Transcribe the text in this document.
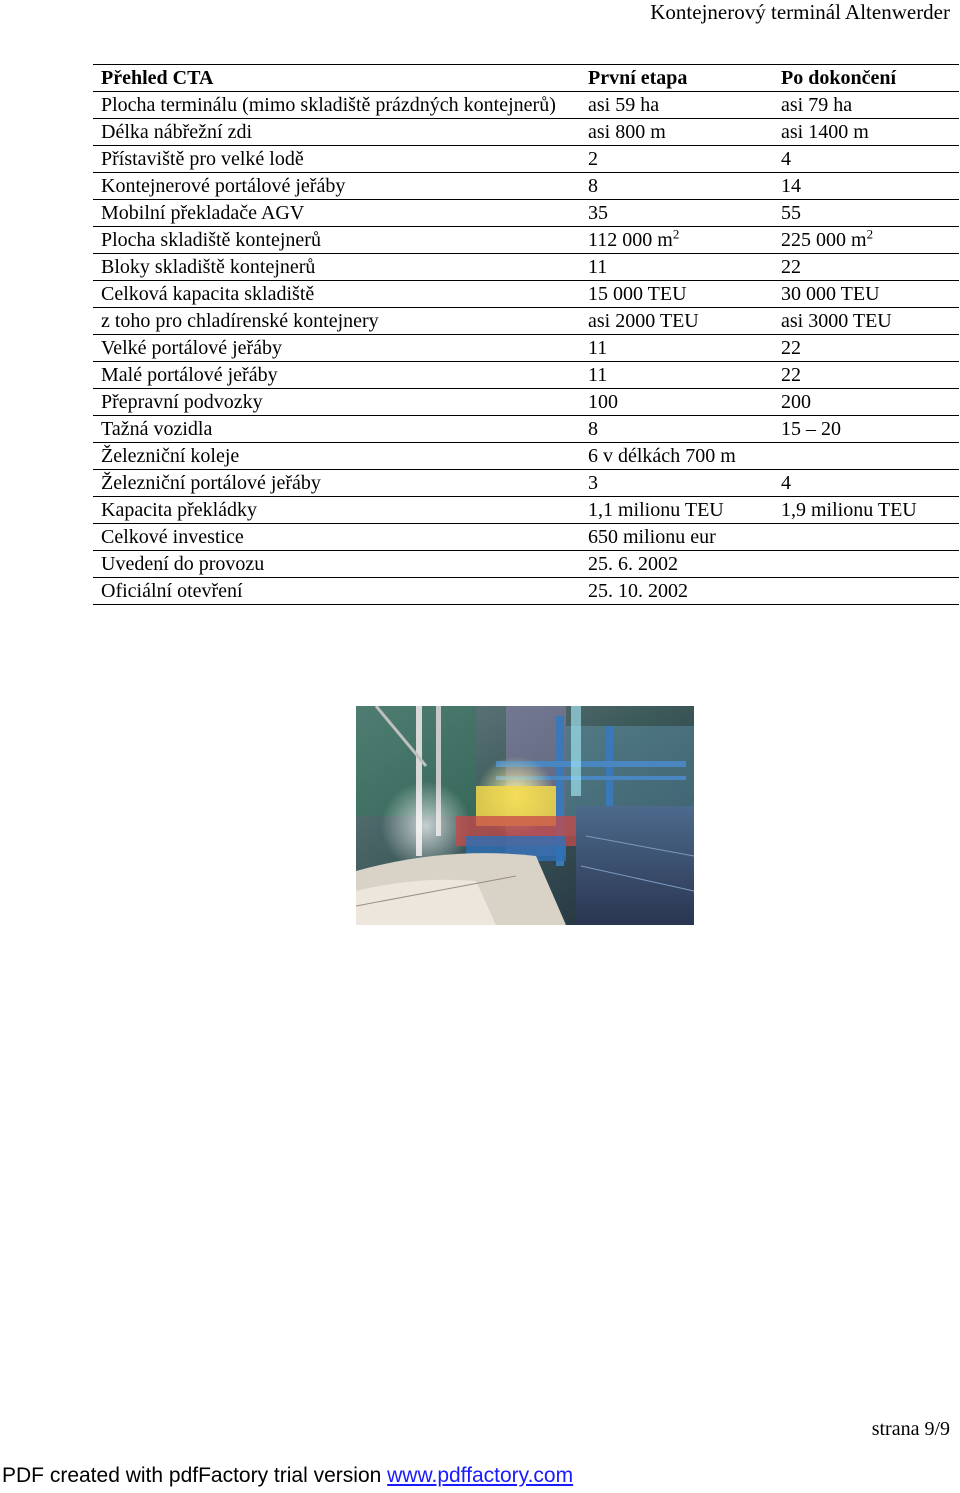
Kontejnerový terminál Altenwerder
Přehled CTA	První etapa	Po dokončení
Plocha terminálu (mimo skladiště prázdných kontejnerů)	asi 59 ha	asi 79 ha
Délka nábřežní zdi	asi 800 m	asi 1400 m
Přístaviště pro velké lodě	2	4
Kontejnerové portálové jeřáby	8	14
Mobilní překladače AGV	35	55
Plocha skladiště kontejnerů	112 000 $m^2$	225 000 $m^2$
Bloky skladiště kontejnerů	11	22
Celková kapacita skladiště	15 000 TEU	30 000 TEU
z toho pro chladírenské kontejnery	asi 2000 TEU	asi 3000 TEU
Velké portálové jeřáby	11	22
Malé portálové jeřáby	11	22
Přepravní podvozky	100	200
Tažná vozidla	8	15 – 20
Železniční koleje	6 v délkách 700 m	
Železniční portálové jeřáby	3	4
Kapacita překládky	1,1 milionu TEU	1,9 milionu TEU
Celkové investice	650 milionu eur	
Uvedení do provozu	25. 6. 2002	
Oficiální otevření	25. 10. 2002	
strana 9/9
PDF created with pdfFactory trial version www.pdffactory.com
